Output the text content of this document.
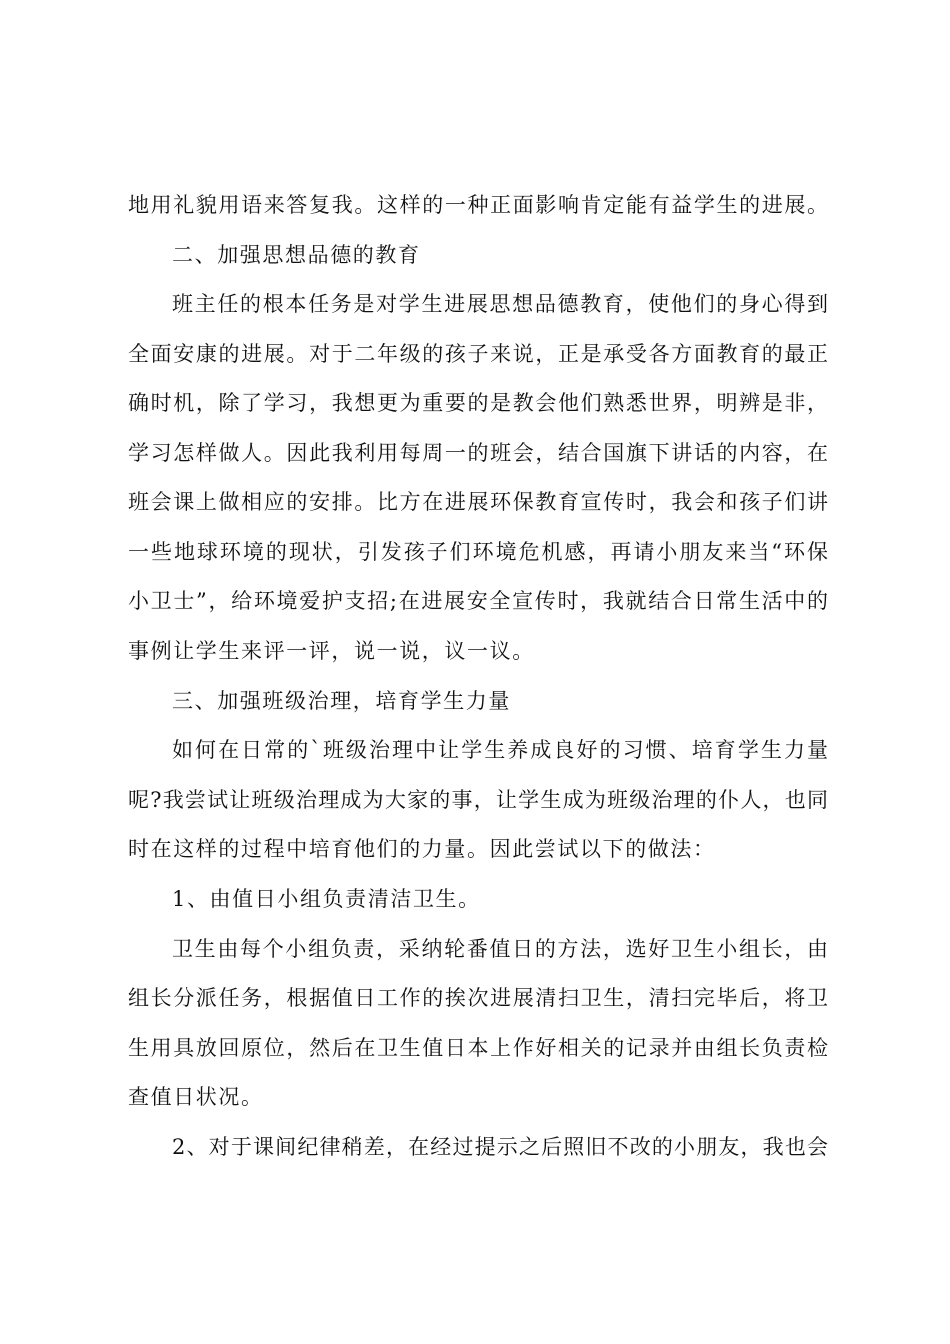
地用礼貌用语来答复我。这样的一种正面影响肯定能有益学生的进展。
二、加强思想品德的教育
班主任的根本任务是对学生进展思想品德教育，使他们的身心得到
全面安康的进展。对于二年级的孩子来说，正是承受各方面教育的最正
确时机，除了学习，我想更为重要的是教会他们熟悉世界，明辨是非，
学习怎样做人。因此我利用每周一的班会，结合国旗下讲话的内容，在
班会课上做相应的安排。比方在进展环保教育宣传时，我会和孩子们讲
一些地球环境的现状，引发孩子们环境危机感，再请小朋友来当“环保
小卫士”，给环境爱护支招;在进展安全宣传时，我就结合日常生活中的
事例让学生来评一评，说一说，议一议。
三、加强班级治理，培育学生力量
如何在日常的`班级治理中让学生养成良好的习惯、培育学生力量
呢?我尝试让班级治理成为大家的事，让学生成为班级治理的仆人，也同
时在这样的过程中培育他们的力量。因此尝试以下的做法：
1、由值日小组负责清洁卫生。
卫生由每个小组负责，采纳轮番值日的方法，选好卫生小组长，由
组长分派任务，根据值日工作的挨次进展清扫卫生，清扫完毕后，将卫
生用具放回原位，然后在卫生值日本上作好相关的记录并由组长负责检
查值日状况。
2、对于课间纪律稍差，在经过提示之后照旧不改的小朋友，我也会
